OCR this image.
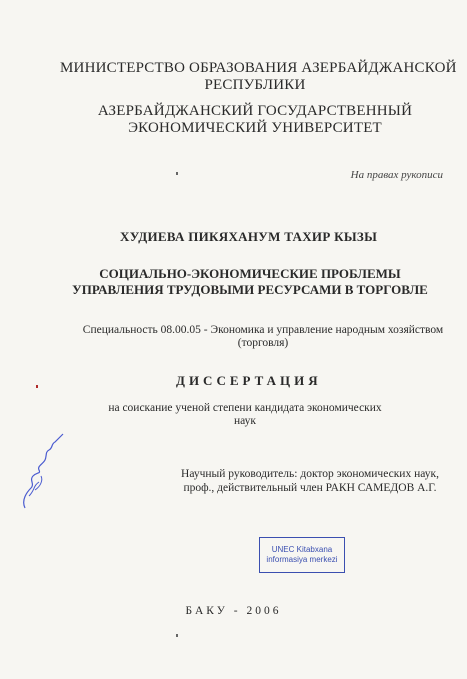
МИНИСТЕРСТВО ОБРАЗОВАНИЯ АЗЕРБАЙДЖАНСКОЙ
РЕСПУБЛИКИ
АЗЕРБАЙДЖАНСКИЙ ГОСУДАРСТВЕННЫЙ
ЭКОНОМИЧЕСКИЙ УНИВЕРСИТЕТ
На правах рукописи
ХУДИЕВА ПИКЯХАНУМ ТАХИР КЫЗЫ
СОЦИАЛЬНО-ЭКОНОМИЧЕСКИЕ ПРОБЛЕМЫ
УПРАВЛЕНИЯ ТРУДОВЫМИ РЕСУРСАМИ В ТОРГОВЛЕ
Специальность 08.00.05 - Экономика и управление народным хозяйством
(торговля)
ДИССЕРТАЦИЯ
на соискание ученой степени кандидата экономических
наук
Научный руководитель: доктор экономических наук,
проф., действительный член РАКН САМЕДОВ А.Г.
UNEC Kitabxana
informasiya merkezi
БАКУ - 2006
